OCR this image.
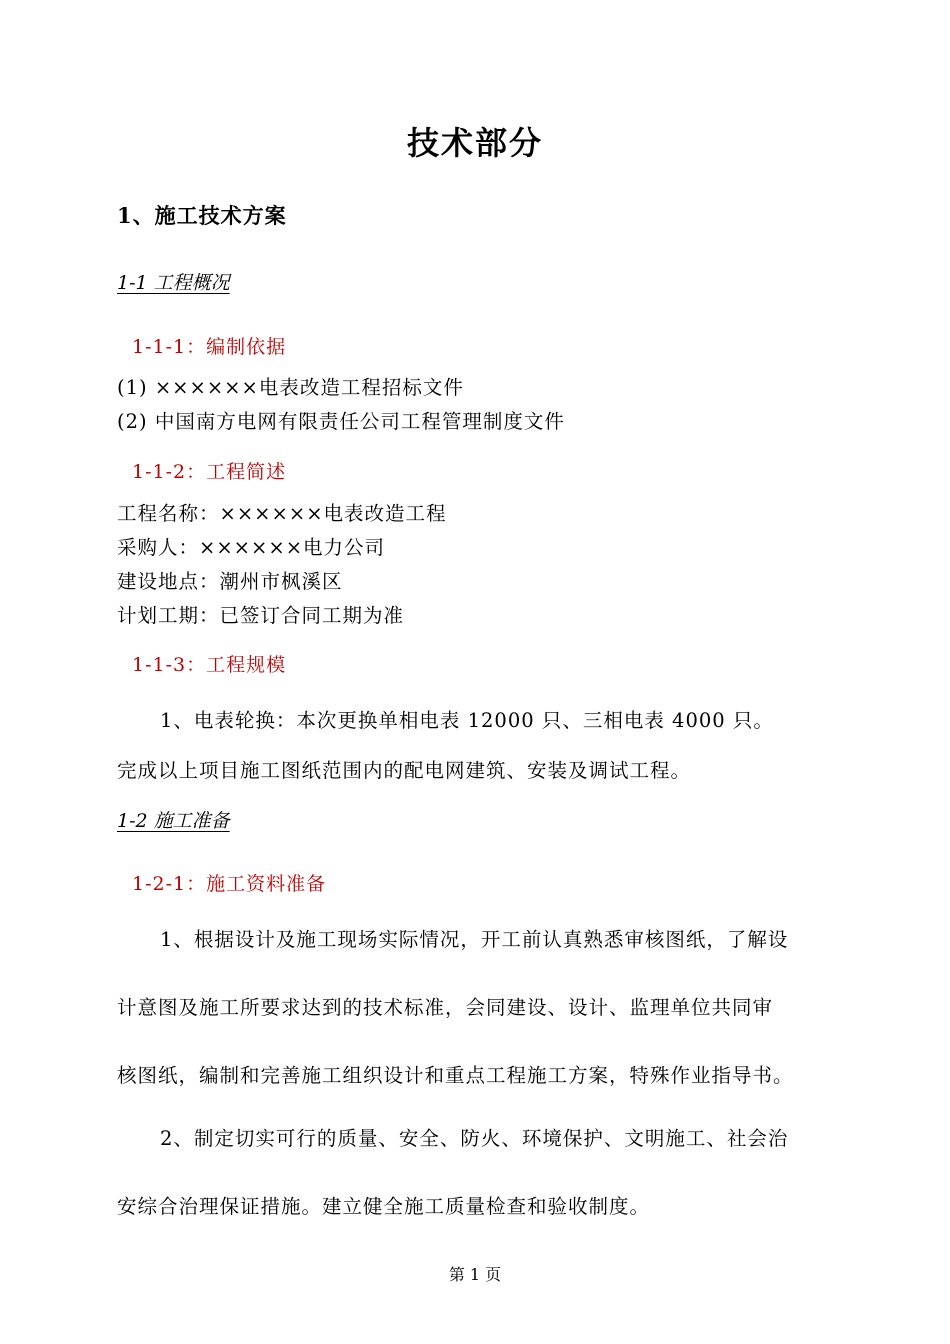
技术部分
1、施工技术方案
1-1 工程概况
1-1-1：编制依据
(1) ××××××电表改造工程招标文件
(2) 中国南方电网有限责任公司工程管理制度文件
1-1-2：工程简述
工程名称：××××××电表改造工程
采购人：××××××电力公司
建设地点：潮州市枫溪区
计划工期：已签订合同工期为准
1-1-3：工程规模
1、电表轮换：本次更换单相电表 12000 只、三相电表 4000 只。
完成以上项目施工图纸范围内的配电网建筑、安装及调试工程。
1-2 施工准备
1-2-1：施工资料准备
1、根据设计及施工现场实际情况，开工前认真熟悉审核图纸，了解设
计意图及施工所要求达到的技术标准，会同建设、设计、监理单位共同审
核图纸，编制和完善施工组织设计和重点工程施工方案，特殊作业指导书。
2、制定切实可行的质量、安全、防火、环境保护、文明施工、社会治
安综合治理保证措施。建立健全施工质量检查和验收制度。
第 1 页
